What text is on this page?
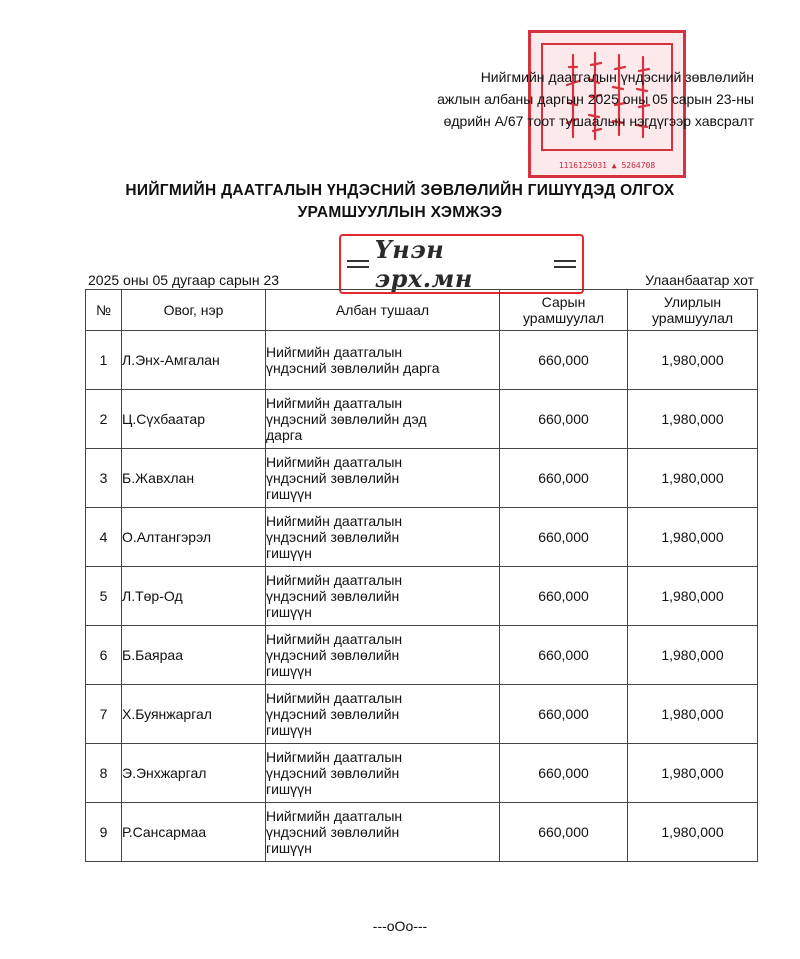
1116125031 ▲ 5264708
Нийгмийн даатгалын үндэсний зөвлөлийн
ажлын албаны даргын 2025 оны 05 сарын 23-ны
өдрийн А/67 тоот тушаалын нэгдүгээр хавсралт
НИЙГМИЙН ДААТГАЛЫН ҮНДЭСНИЙ ЗӨВЛӨЛИЙН ГИШҮҮДЭД ОЛГОХ
УРАМШУУЛЛЫН ХЭМЖЭЭ
Үнэн эрх.мн
2025 оны 05 дугаар сарын 23	Улаанбаатар хот
№	Овог, нэр	Албан тушаал	Сарын урамшуулал	Улирлын урамшуулал
1	Л.Энх-Амгалан	Нийгмийн даатгалын
үндэсний зөвлөлийн дарга	660,000	1,980,000
2	Ц.Сүхбаатар	Нийгмийн даатгалын
үндэсний зөвлөлийн дэд
дарга	660,000	1,980,000
3	Б.Жавхлан	Нийгмийн даатгалын
үндэсний зөвлөлийн
гишүүн	660,000	1,980,000
4	О.Алтангэрэл	Нийгмийн даатгалын
үндэсний зөвлөлийн
гишүүн	660,000	1,980,000
5	Л.Төр-Од	Нийгмийн даатгалын
үндэсний зөвлөлийн
гишүүн	660,000	1,980,000
6	Б.Баяраа	Нийгмийн даатгалын
үндэсний зөвлөлийн
гишүүн	660,000	1,980,000
7	Х.Буянжаргал	Нийгмийн даатгалын
үндэсний зөвлөлийн
гишүүн	660,000	1,980,000
8	Э.Энхжаргал	Нийгмийн даатгалын
үндэсний зөвлөлийн
гишүүн	660,000	1,980,000
9	Р.Сансармаа	Нийгмийн даатгалын
үндэсний зөвлөлийн
гишүүн	660,000	1,980,000
---оОо---
